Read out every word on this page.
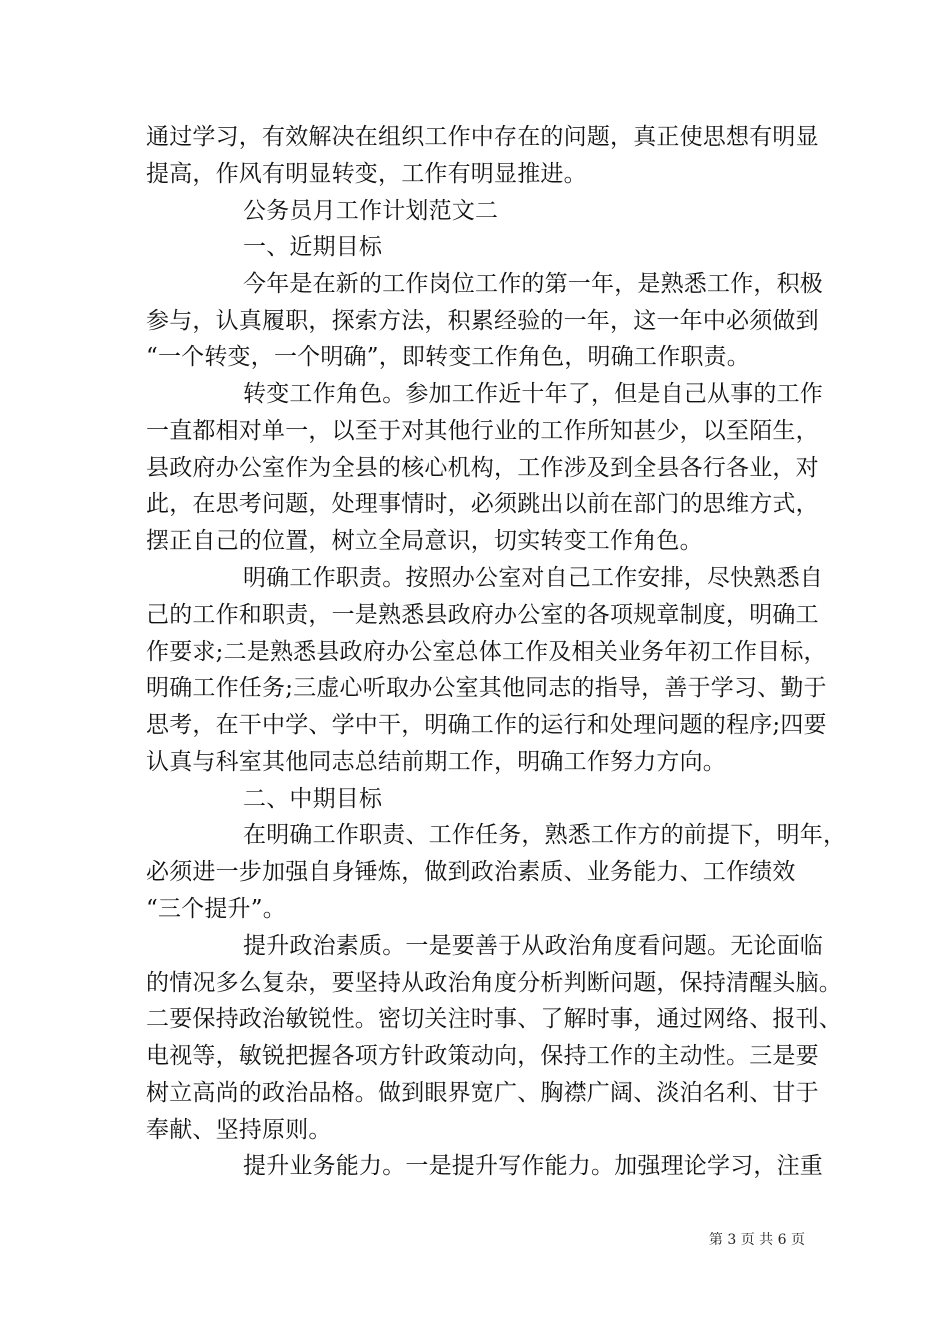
通过学习，有效解决在组织工作中存在的问题，真正使思想有明显
提高，作风有明显转变，工作有明显推进。
公务员月工作计划范文二
一、近期目标
今年是在新的工作岗位工作的第一年，是熟悉工作，积极
参与，认真履职，探索方法，积累经验的一年，这一年中必须做到
“一个转变，一个明确”，即转变工作角色，明确工作职责。
转变工作角色。参加工作近十年了，但是自己从事的工作
一直都相对单一，以至于对其他行业的工作所知甚少，以至陌生，
县政府办公室作为全县的核心机构，工作涉及到全县各行各业，对
此，在思考问题，处理事情时，必须跳出以前在部门的思维方式，
摆正自己的位置，树立全局意识，切实转变工作角色。
明确工作职责。按照办公室对自己工作安排，尽快熟悉自
己的工作和职责，一是熟悉县政府办公室的各项规章制度，明确工
作要求;二是熟悉县政府办公室总体工作及相关业务年初工作目标，
明确工作任务;三虚心听取办公室其他同志的指导，善于学习、勤于
思考，在干中学、学中干，明确工作的运行和处理问题的程序;四要
认真与科室其他同志总结前期工作，明确工作努力方向。
二、中期目标
在明确工作职责、工作任务，熟悉工作方的前提下，明年，
必须进一步加强自身锤炼，做到政治素质、业务能力、工作绩效
“三个提升”。
提升政治素质。一是要善于从政治角度看问题。无论面临
的情况多么复杂，要坚持从政治角度分析判断问题，保持清醒头脑。
二要保持政治敏锐性。密切关注时事、了解时事，通过网络、报刊、
电视等，敏锐把握各项方针政策动向，保持工作的主动性。三是要
树立高尚的政治品格。做到眼界宽广、胸襟广阔、淡泊名利、甘于
奉献、坚持原则。
提升业务能力。一是提升写作能力。加强理论学习，注重
第 3 页 共 6 页
